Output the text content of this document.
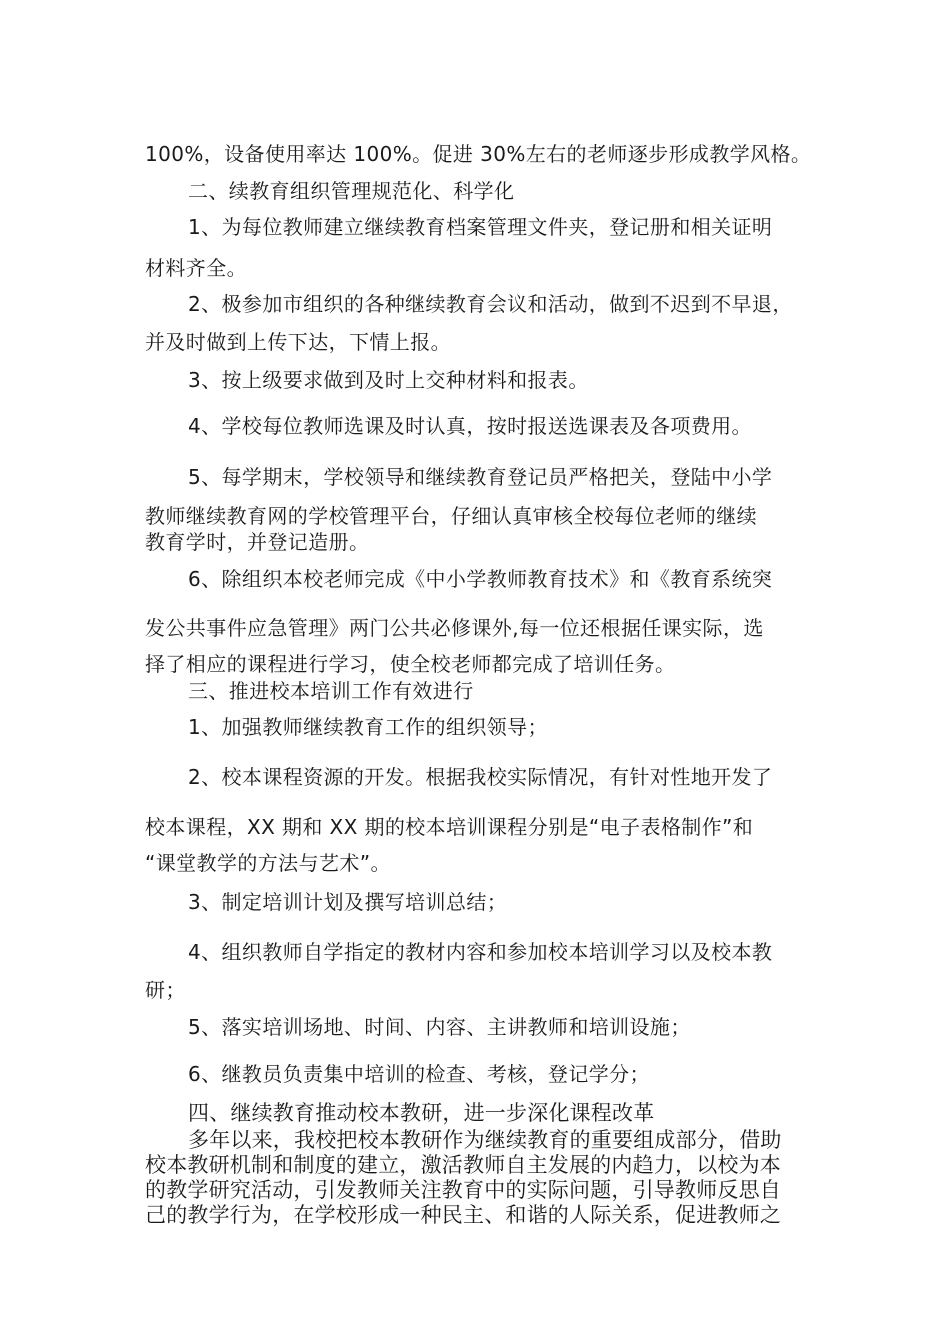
100%，设备使用率达 100%。促进 30%左右的老师逐步形成教学风格。
二、续教育组织管理规范化、科学化
1、为每位教师建立继续教育档案管理文件夹，登记册和相关证明
材料齐全。
2、极参加市组织的各种继续教育会议和活动，做到不迟到不早退，
并及时做到上传下达，下情上报。
3、按上级要求做到及时上交种材料和报表。
4、学校每位教师选课及时认真，按时报送选课表及各项费用。
5、每学期末，学校领导和继续教育登记员严格把关，登陆中小学
教师继续教育网的学校管理平台，仔细认真审核全校每位老师的继续
教育学时，并登记造册。
6、除组织本校老师完成《中小学教师教育技术》和《教育系统突
发公共事件应急管理》两门公共必修课外,每一位还根据任课实际，选
择了相应的课程进行学习，使全校老师都完成了培训任务。
三、推进校本培训工作有效进行
1、加强教师继续教育工作的组织领导；
2、校本课程资源的开发。根据我校实际情况，有针对性地开发了
校本课程，XX 期和 XX 期的校本培训课程分别是“电子表格制作”和
“课堂教学的方法与艺术”。
3、制定培训计划及撰写培训总结；
4、组织教师自学指定的教材内容和参加校本培训学习以及校本教
研；
5、落实培训场地、时间、内容、主讲教师和培训设施；
6、继教员负责集中培训的检查、考核，登记学分；
四、继续教育推动校本教研，进一步深化课程改革
多年以来，我校把校本教研作为继续教育的重要组成部分，借助
校本教研机制和制度的建立，激活教师自主发展的内趋力，以校为本
的教学研究活动，引发教师关注教育中的实际问题，引导教师反思自
己的教学行为，在学校形成一种民主、和谐的人际关系，促进教师之
